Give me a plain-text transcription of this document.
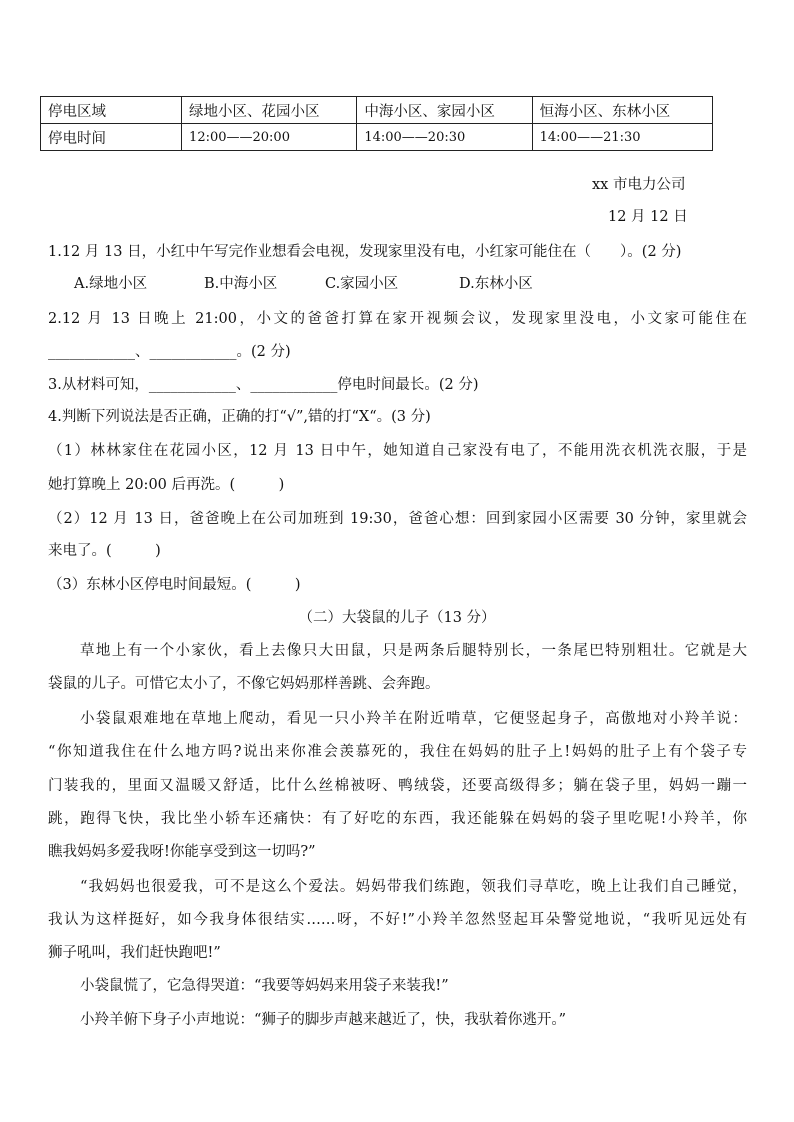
停电区域	绿地小区、花园小区	中海小区、家园小区	恒海小区、东林小区
停电时间	12:00——20:00	14:00——20:30	14:00——21:30
xx 市电力公司
12 月 12 日
1.12 月 13 日，小红中午写完作业想看会电视，发现家里没有电，小红家可能住在（　　）。(2 分)
A.绿地小区	B.中海小区	C.家园小区	D.东林小区
2.12 月 13 日晚上 21:00，小文的爸爸打算在家开视频会议，发现家里没电，小文家可能住在
____________、____________。(2 分)
3.从材料可知，____________、____________停电时间最长。(2 分)
4.判断下列说法是否正确，正确的打“√”,错的打“X“。(3 分)
（1）林林家住在花园小区，12 月 13 日中午，她知道自己家没有电了，不能用洗衣机洗衣服，于是
她打算晚上 20:00 后再洗。(　　　)
（2）12 月 13 日，爸爸晚上在公司加班到 19:30，爸爸心想：回到家园小区需要 30 分钟，家里就会
来电了。(　　　)
（3）东林小区停电时间最短。(　　　)
（二）大袋鼠的儿子（13 分）
草地上有一个小家伙，看上去像只大田鼠，只是两条后腿特别长，一条尾巴特别粗壮。它就是大
袋鼠的儿子。可惜它太小了，不像它妈妈那样善跳、会奔跑。
小袋鼠艰难地在草地上爬动，看见一只小羚羊在附近啃草，它便竖起身子，高傲地对小羚羊说：
“你知道我住在什么地方吗?说出来你准会羡慕死的，我住在妈妈的肚子上!妈妈的肚子上有个袋子专
门装我的，里面又温暖又舒适，比什么丝棉被呀、鸭绒袋，还要高级得多；躺在袋子里，妈妈一蹦一
跳，跑得飞快，我比坐小轿车还痛快：有了好吃的东西，我还能躲在妈妈的袋子里吃呢!小羚羊，你
瞧我妈妈多爱我呀!你能享受到这一切吗?”
“我妈妈也很爱我，可不是这么个爱法。妈妈带我们练跑，领我们寻草吃，晚上让我们自己睡觉，
我认为这样挺好，如今我身体很结实……呀，不好!”小羚羊忽然竖起耳朵警觉地说，“我听见远处有
狮子吼叫，我们赶快跑吧!”
小袋鼠慌了，它急得哭道：“我要等妈妈来用袋子来装我!”
小羚羊俯下身子小声地说：“狮子的脚步声越来越近了，快，我驮着你逃开。”
